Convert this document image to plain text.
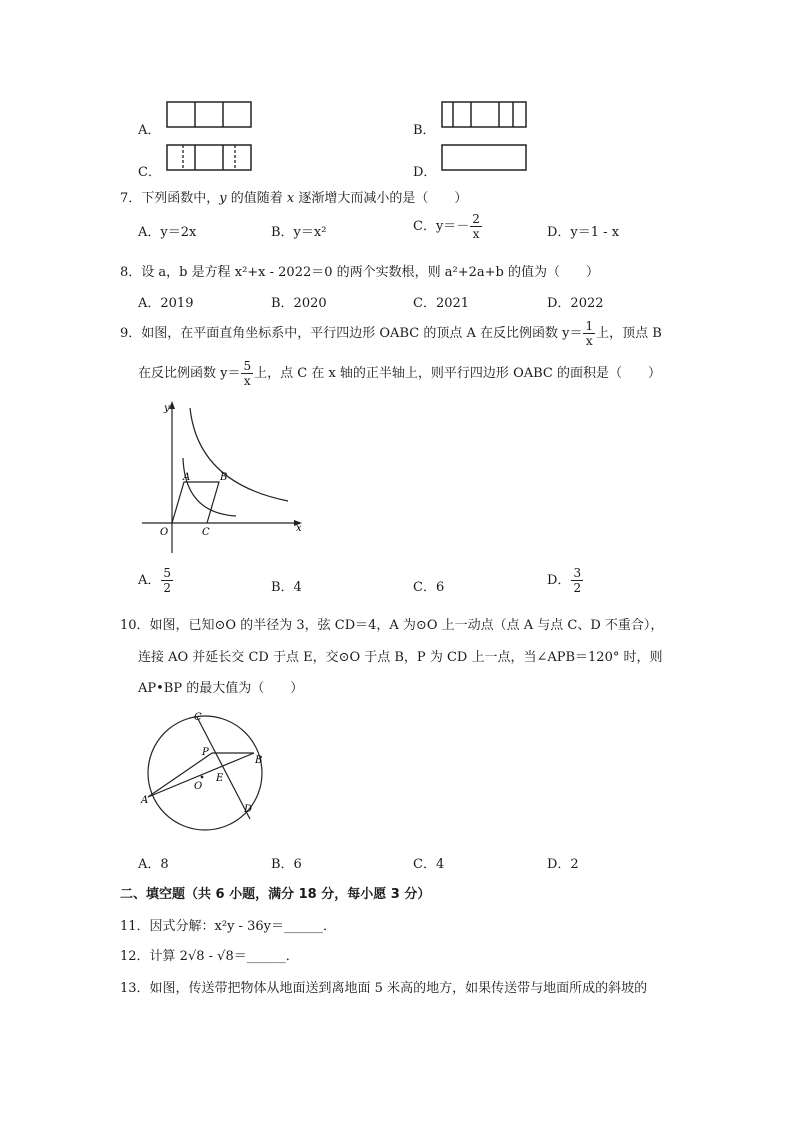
A．	B．
C．	D．
7．下列函数中，y 的值随着 x 逐渐增大而减小的是（　　）
A．y＝2x	B．y＝x²	C．$y=- \frac{2}{x}$	D．y＝1 - x
8．设 a，b 是方程 x²+x - 2022＝0 的两个实数根，则 a²+2a+b 的值为（　　）
A．2019	B．2020	C．2021	D．2022
9．如图，在平面直角坐标系中，平行四边形 OABC 的顶点 A 在反比例函数 $y= \frac{1}{x}$ 上，顶点 B
在反比例函数 $y= \frac{5}{x}$ 上，点 C 在 x 轴的正半轴上，则平行四边形 OABC 的面积是（　　）
y
x
O
A	B
C
A． $\frac{5}{2}$	B．4	C．6	D． $\frac{3}{2}$
10．如图，已知⊙O 的半径为 3，弦 CD＝4，A 为⊙O 上一动点（点 A 与点 C、D 不重合），
连接 AO 并延长交 CD 于点 E，交⊙O 于点 B，P 为 CD 上一点，当∠APB＝120° 时，则
AP•BP 的最大值为（　　）
C
P
B
E
O
A
D
A．8	B．6	C．4	D．2
二、填空题（共 6 小题，满分 18 分，每小愿 3 分）
11．因式分解：x²y - 36y＝______．
12．计算 2√8 - √8＝______．
13．如图，传送带把物体从地面送到离地面 5 米高的地方，如果传送带与地面所成的斜坡的
